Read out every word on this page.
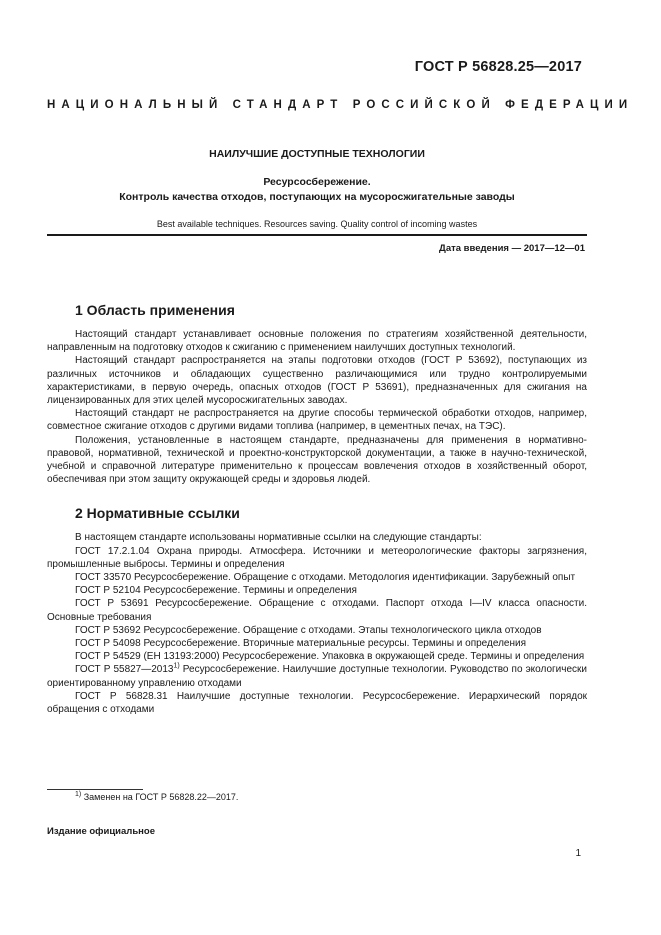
ГОСТ Р 56828.25—2017
НАЦИОНАЛЬНЫЙ СТАНДАРТ РОССИЙСКОЙ ФЕДЕРАЦИИ

НАИЛУЧШИЕ ДОСТУПНЫЕ ТЕХНОЛОГИИ

Ресурсосбережение.

Контроль качества отходов, поступающих на мусоросжигательные заводы

Best available techniques. Resources saving. Quality control of incoming wastes

Дата введения — 2017—12—01
1 Область применения

Настоящий стандарт устанавливает основные положения по стратегиям хозяйственной деятельности, направленным на подготовку отходов к сжиганию с применением наилучших доступных технологий.

Настоящий стандарт распространяется на этапы подготовки отходов (ГОСТ Р 53692), поступающих из различных источников и обладающих существенно различающимися или трудно контролируемыми характеристиками, в первую очередь, опасных отходов (ГОСТ Р 53691), предназначенных для сжигания на лицензированных для этих целей мусоросжигательных заводах.

Настоящий стандарт не распространяется на другие способы термической обработки отходов, например, совместное сжигание отходов с другими видами топлива (например, в цементных печах, на ТЭС).

Положения, установленные в настоящем стандарте, предназначены для применения в нормативно-правовой, нормативной, технической и проектно-конструкторской документации, а также в научно-технической, учебной и справочной литературе применительно к процессам вовлечения отходов в хозяйственный оборот, обеспечивая при этом защиту окружающей среды и здоровья людей.

2 Нормативные ссылки

В настоящем стандарте использованы нормативные ссылки на следующие стандарты:

ГОСТ 17.2.1.04 Охрана природы. Атмосфера. Источники и метеорологические факторы загрязнения, промышленные выбросы. Термины и определения

ГОСТ 33570 Ресурсосбережение. Обращение с отходами. Методология идентификации. Зарубежный опыт

ГОСТ Р 52104 Ресурсосбережение. Термины и определения

ГОСТ Р 53691 Ресурсосбережение. Обращение с отходами. Паспорт отхода I—IV класса опасности. Основные требования

ГОСТ Р 53692 Ресурсосбережение. Обращение с отходами. Этапы технологического цикла отходов

ГОСТ Р 54098 Ресурсосбережение. Вторичные материальные ресурсы. Термины и определения

ГОСТ Р 54529 (ЕН 13193:2000) Ресурсосбережение. Упаковка в окружающей среде. Термины и определения

ГОСТ Р 55827—2013$^{1)}$ Ресурсосбережение. Наилучшие доступные технологии. Руководство по экологически ориентированному управлению отходами

ГОСТ Р 56828.31 Наилучшие доступные технологии. Ресурсосбережение. Иерархический порядок обращения с отходами

$^{1)}$ Заменен на ГОСТ Р 56828.22—2017.
Издание официальное
1
